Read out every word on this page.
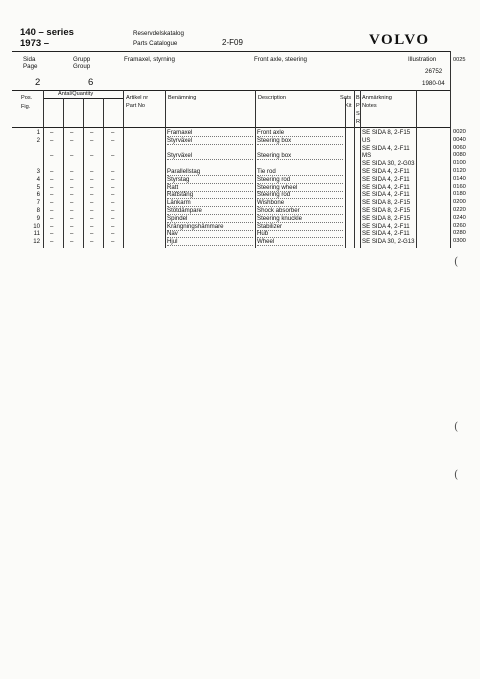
140 – series
1973 –
Reservdelskatalog
Parts Catalogue	2-F09	VOLVO
Sida
Page
2
Grupp
Group
6
Framaxel, styrning	Front axle, steering	Illustration
26752
1980-04
0025
Pos.
Fig.
Antal/Quantity
Artikel nr
Part No
Benämning	Description	Sats
Kit
B
P
S
R
Anmärkning
Notes
1 –	–	–	–	Framaxel	Front axle	SE SIDA 8, 2-F15	0020
2 –	–	–	–	Styrväxel	Steering box	US	0040
SE SIDA 4, 2-F11	0060
–	–	–	–	Styrväxel	Steering box	MS	0080
SE SIDA 30, 2-G03	0100
3 –	–	–	–	Parallellstag	Tie rod	SE SIDA 4, 2-F11	0120
4 –	–	–	–	Styrstag	Steering rod	SE SIDA 4, 2-F11	0140
5 –	–	–	–	Ratt	Steering wheel	SE SIDA 4, 2-F11	0160
6 –	–	–	–	Rattstång	Steering rod	SE SIDA 4, 2-F11	0180
7 –	–	–	–	Länkarm	Wishbone	SE SIDA 8, 2-F15	0200
8 –	–	–	–	Stötdämpare	Shock absorber	SE SIDA 8, 2-F15	0220
9 –	–	–	–	Spindel	Steering knuckle	SE SIDA 8, 2-F15	0240
10 –	–	–	–	Krängningshämmare	Stabilizer	SE SIDA 4, 2-F11	0260
11 –	–	–	–	Nav	Hub	SE SIDA 4, 2-F11	0280
12 –	–	–	–	Hjul	Wheel	SE SIDA 30, 2-G13	0300
(
(
(
